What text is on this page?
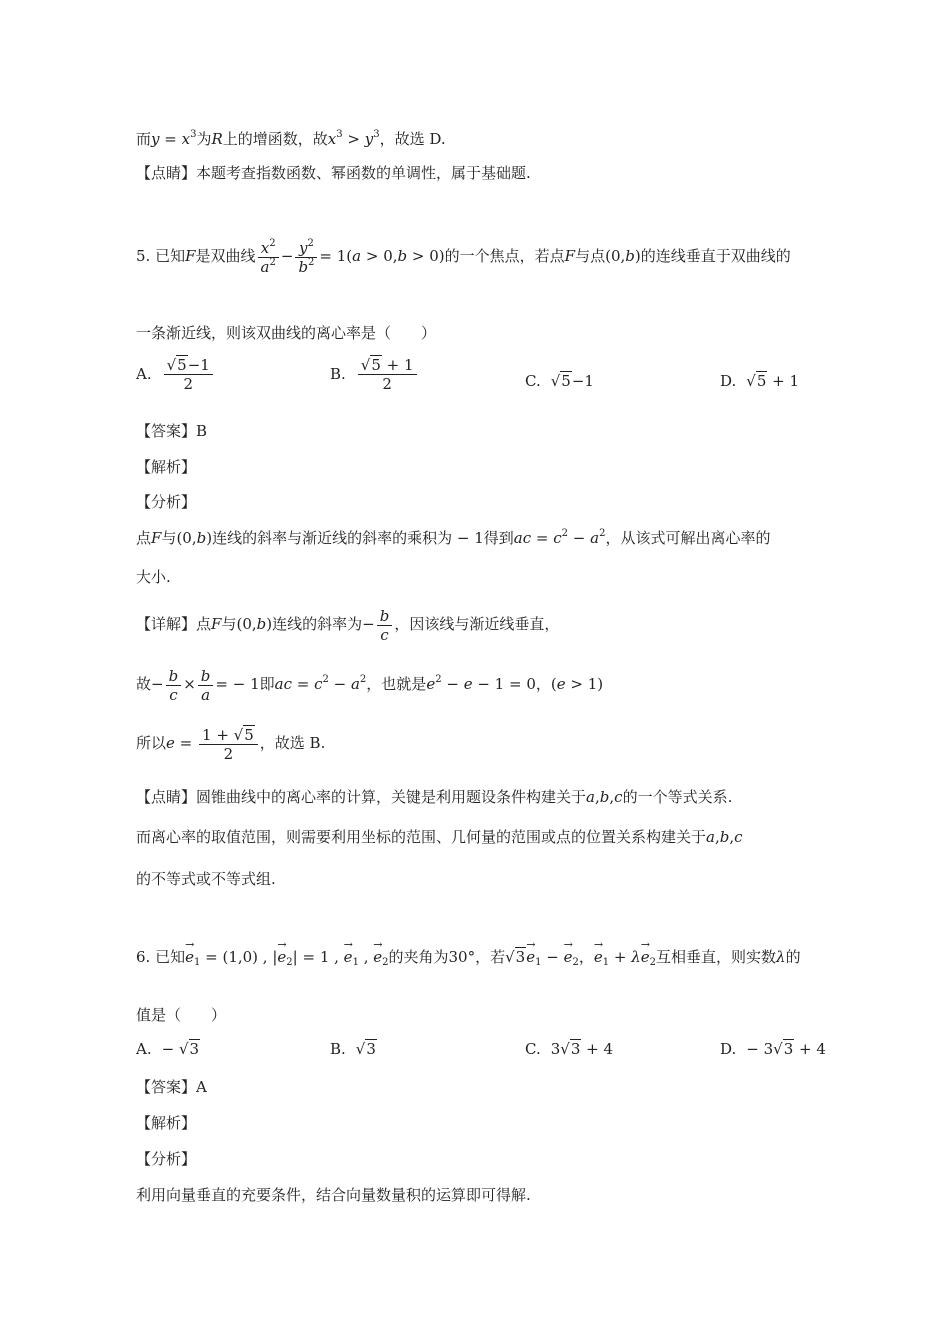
而$y = x^3$为R上的增函数，故$x^3 > y^3$，故选 D.
【点睛】本题考查指数函数、幂函数的单调性，属于基础题.
5. 已知F是双曲线 $\frac{x^2}{a^2} - \frac{y^2}{b^2} = 1(a > 0,b > 0)$的一个焦点，若点F与点(0,b)的连线垂直于双曲线的
一条渐近线，则该双曲线的离心率是（　　）
A. $\frac{√5-1}{2}$	B. $\frac{√5 + 1}{2}$	C. √5−1	D. √5 + 1
【答案】B
【解析】
【分析】
点F与(0,b)连线的斜率与渐近线的斜率的乘积为 − 1得到ac = $c^2 - a^2$，从该式可解出离心率的
大小.
【详解】点F与(0,b)连线的斜率为− $\frac{b}{c}$ ，因该线与渐近线垂直，
故− $\frac{b}{c} \times \frac{b}{a}$ = − 1即ac = $c^2 - a^2$，也就是$e^2 - e - 1 = 0$，(e > 1)
所以$e = \frac{1 + √5}{2}$ ，故选 B.
【点睛】圆锥曲线中的离心率的计算，关键是利用题设条件构建关于a,b,c的一个等式关系.
而离心率的取值范围，则需要利用坐标的范围、几何量的范围或点的位置关系构建关于a,b,c
的不等式或不等式组.
6. 已知→ $e_1 = (1,0)$ , |→ $e_2| = 1$ , → $e_1$ , → $e_2$的夹角为30°，若$√3\to e_1$ − → $e_2$，→ $e_1 + \lambda\to e_2$互相垂直，则实数λ的
值是（　　）
A. − √3	B. √3	C. 3√3 + 4	D. − 3√3 + 4
【答案】A
【解析】
【分析】
利用向量垂直的充要条件，结合向量数量积的运算即可得解.
